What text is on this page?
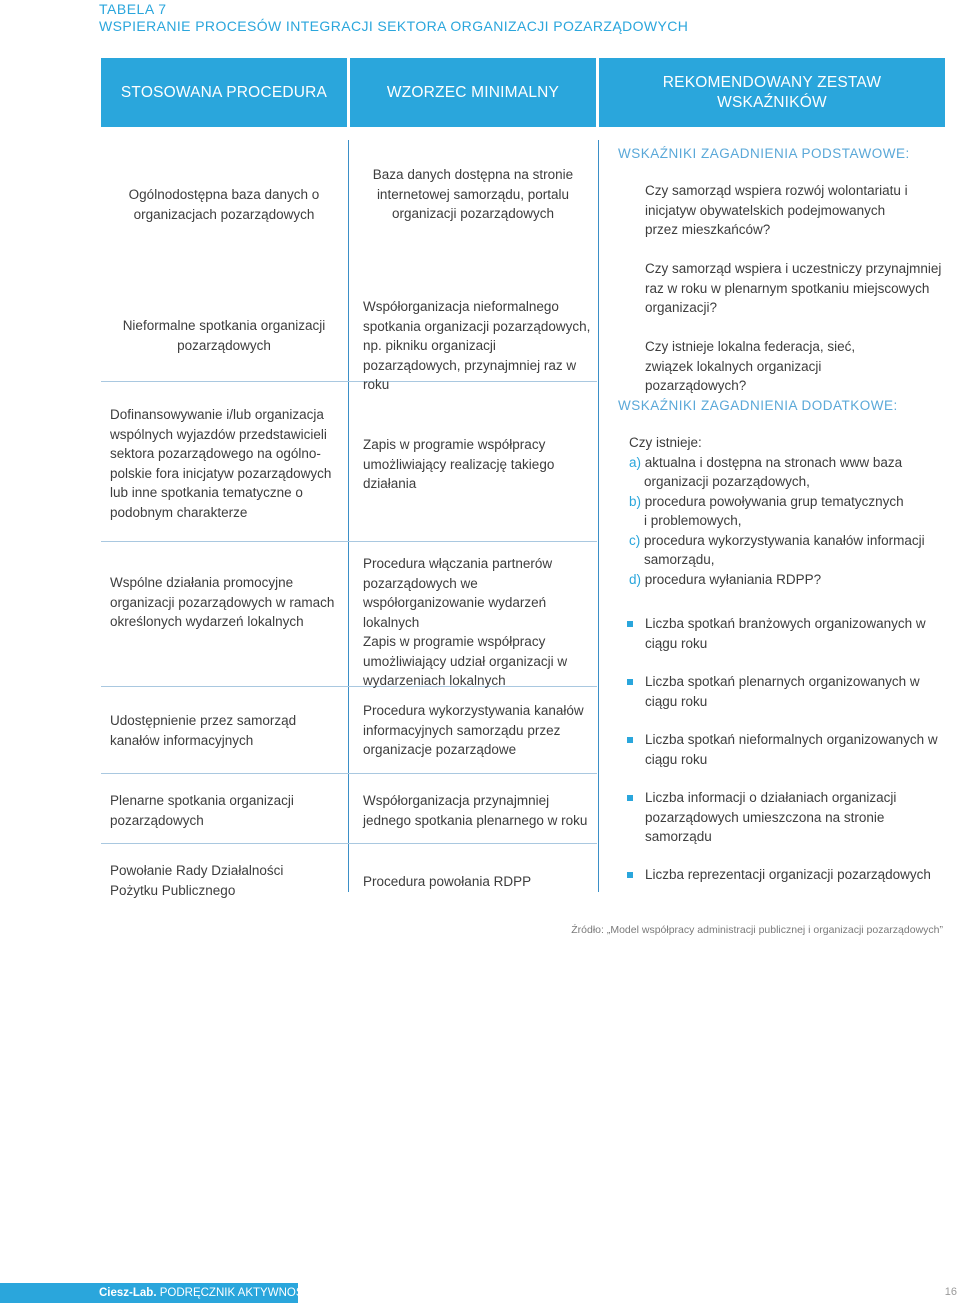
TABELA 7
WSPIERANIE PROCESÓW INTEGRACJI SEKTORA ORGANIZACJI POZARZĄDOWYCH
STOSOWANA PROCEDURA	WZORZEC MINIMALNY
REKOMENDOWANY ZESTAW WSKAŹNIKÓW
Ogólnodostępna baza danych o organizacjach pozarządowych
Nieformalne spotkania organizacji pozarządowych
Dofinansowywanie i/lub organizacja wspólnych wyjazdów przedstawicieli sektora pozarządowego na ogólno-polskie fora inicjatyw pozarządowych lub inne spotkania tematyczne o podobnym charakterze
Wspólne działania promocyjne organizacji pozarządowych w ramach określonych wydarzeń lokalnych
Udostępnienie przez samorząd kanałów informacyjnych
Plenarne spotkania organizacji pozarządowych
Powołanie Rady Działalności Pożytku Publicznego
Baza danych dostępna na stronie internetowej samorządu, portalu organizacji pozarządowych
Współorganizacja nieformalnego spotkania organizacji pozarządowych, np. pikniku organizacji pozarządowych, przynajmniej raz w roku
Zapis w programie współpracy umożliwiający realizację takiego działania

Procedura włączania partnerów pozarządowych we współorganizowanie wydarzeń lokalnych

Zapis w programie współpracy umożliwiający udział organizacji w wydarzeniach lokalnych

Procedura wykorzystywania kanałów informacyjnych samorządu przez organizacje pozarządowe
Współorganizacja przynajmniej jednego spotkania plenarnego w roku
Procedura powołania RDPP
WSKAŹNIKI ZAGADNIENIA PODSTAWOWE:
Czy samorząd wspiera rozwój wolontariatu i inicjatyw obywatelskich podejmowanych przez mieszkańców?
Czy samorząd wspiera i uczestniczy przynajmniej raz w roku w plenarnym spotkaniu miejscowych organizacji?
Czy istnieje lokalna federacja, sieć, związek lokalnych organizacji pozarządowych?
WSKAŹNIKI ZAGADNIENIA DODATKOWE:

Czy istnieje:

a) aktualna i dostępna na stronach www baza

organizacji pozarządowych,

b) procedura powoływania grup tematycznych

i problemowych,

c) procedura wykorzystywania kanałów informacji

samorządu,

d) procedura wyłaniania RDPP?

Liczba spotkań branżowych organizowanych w ciągu roku
Liczba spotkań plenarnych organizowanych w ciągu roku
Liczba spotkań nieformalnych organizowanych w ciągu roku
Liczba informacji o działaniach organizacji pozarządowych umieszczona na stronie samorządu
Liczba reprezentacji organizacji pozarządowych
Źródło: „Model współpracy administracji publicznej i organizacji pozarządowych”
Ciesz-Lab. PODRĘCZNIK AKTYWNOŚCI	16
